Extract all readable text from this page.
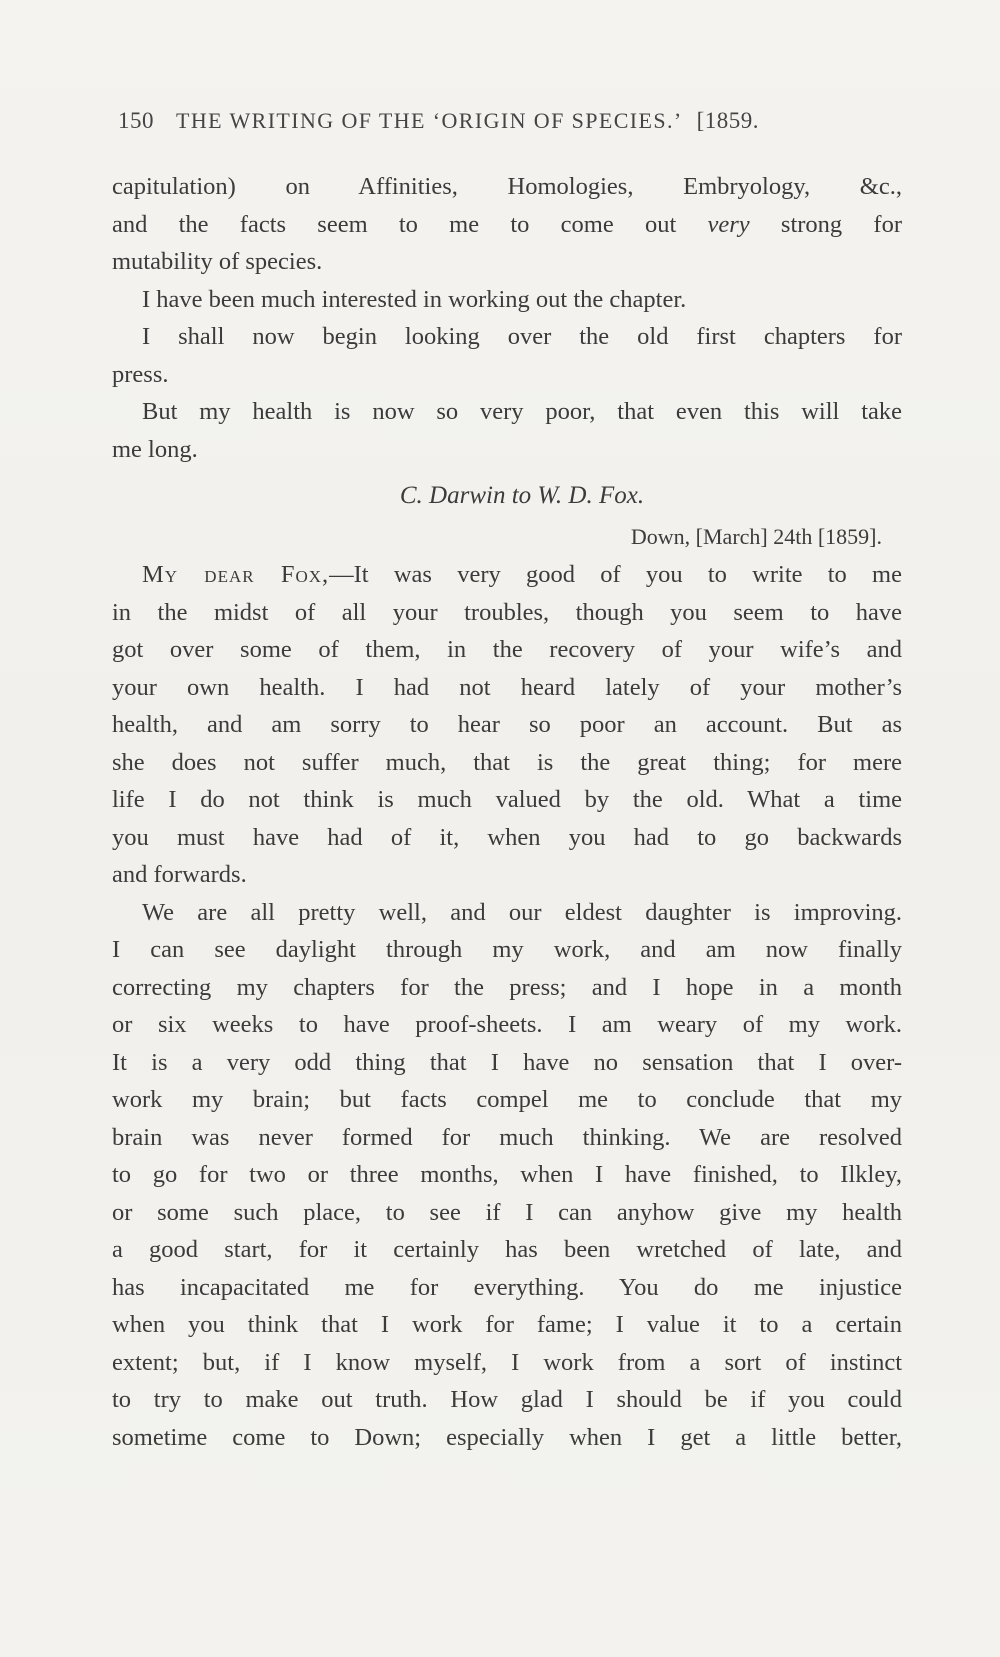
150 THE WRITING OF THE ‘ORIGIN OF SPECIES.’ [1859.
capitulation) on Affinities, Homologies, Embryology, &c.,
and the facts seem to me to come out very strong for
mutability of species.
I have been much interested in working out the chapter.
I shall now begin looking over the old first chapters for
press.
But my health is now so very poor, that even this will take
me long.
C. Darwin to W. D. Fox.
Down, [March] 24th [1859].
My dear Fox,—It was very good of you to write to me
in the midst of all your troubles, though you seem to have
got over some of them, in the recovery of your wife’s and
your own health. I had not heard lately of your mother’s
health, and am sorry to hear so poor an account. But as
she does not suffer much, that is the great thing; for mere
life I do not think is much valued by the old. What a time
you must have had of it, when you had to go backwards
and forwards.
We are all pretty well, and our eldest daughter is improving.
I can see daylight through my work, and am now finally
correcting my chapters for the press; and I hope in a month
or six weeks to have proof-sheets. I am weary of my work.
It is a very odd thing that I have no sensation that I over-
work my brain; but facts compel me to conclude that my
brain was never formed for much thinking. We are resolved
to go for two or three months, when I have finished, to Ilkley,
or some such place, to see if I can anyhow give my health
a good start, for it certainly has been wretched of late, and
has incapacitated me for everything. You do me injustice
when you think that I work for fame; I value it to a certain
extent; but, if I know myself, I work from a sort of instinct
to try to make out truth. How glad I should be if you could
sometime come to Down; especially when I get a little better,
